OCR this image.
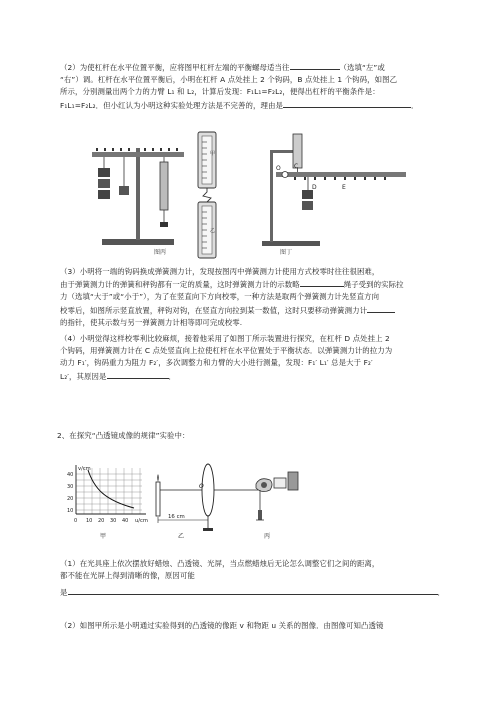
（2）为使杠杆在水平位置平衡，应将图甲杠杆左端的平衡螺母适当往	（选填“左”或
“右”）调。杠杆在水平位置平衡后，小明在杠杆 A 点处挂上 2 个钩码，B 点处挂上 1 个钩码，如图乙
所示，分别测量出两个力的力臂 L₁ 和 L₂，计算后发现：F₁L₁=F₂L₂，便得出杠杆的平衡条件是：
F₁L₁=F₂L₂．但小红认为小明这种实验处理方法是不完善的，理由是	．
图丙
甲
乙
C
O
D	E
图丁
（3）小明将一端的钩码换成弹簧测力计，发现按图丙中弹簧测力计使用方式校零时往往很困难，
由于弹簧测力计的弹簧和秤钩都有一定的质量，这时弹簧测力计的示数略	绳子受到的实际拉
力（选填“大于”或“小于”），为了在竖直向下方向校零，一种方法是取两个弹簧测力计先竖直方向
校零后，如图所示竖直放置，秤钩对钩，在竖直方向拉到某一数值，这时只要移动弹簧测力计
的指针，使其示数与另一弹簧测力计相等即可完成校零.
（4）小明觉得这样校零利比较麻烦，接着他采用了如图丁所示装置进行探究，在杠杆 D 点处挂上 2
个钩码，用弹簧测力计在 C 点处竖直向上拉使杠杆在水平位置处于平衡状态．以弹簧测力计的拉力为
动力 F₁′，钩码重力为阻力 F₂′，多次调整力和力臂的大小进行测量，发现：F₁′ L₁′ 总是大于 F₂′
L₂′，其原因是	．
2、在探究“凸透镜成像的规律”实验中：
v/cm
u/cm
40
30
20
10
0 10 20 30 40
甲
16 cm
O
乙	丙
（1）在光具座上依次摆放好蜡烛、凸透镜、光屏，当点燃蜡烛后无论怎么调整它们之间的距离，
都不能在光屏上得到清晰的像，原因可能
是	．
（2）如图甲所示是小明通过实验得到的凸透镜的像距 v 和物距 u 关系的图像．由图像可知凸透镜
